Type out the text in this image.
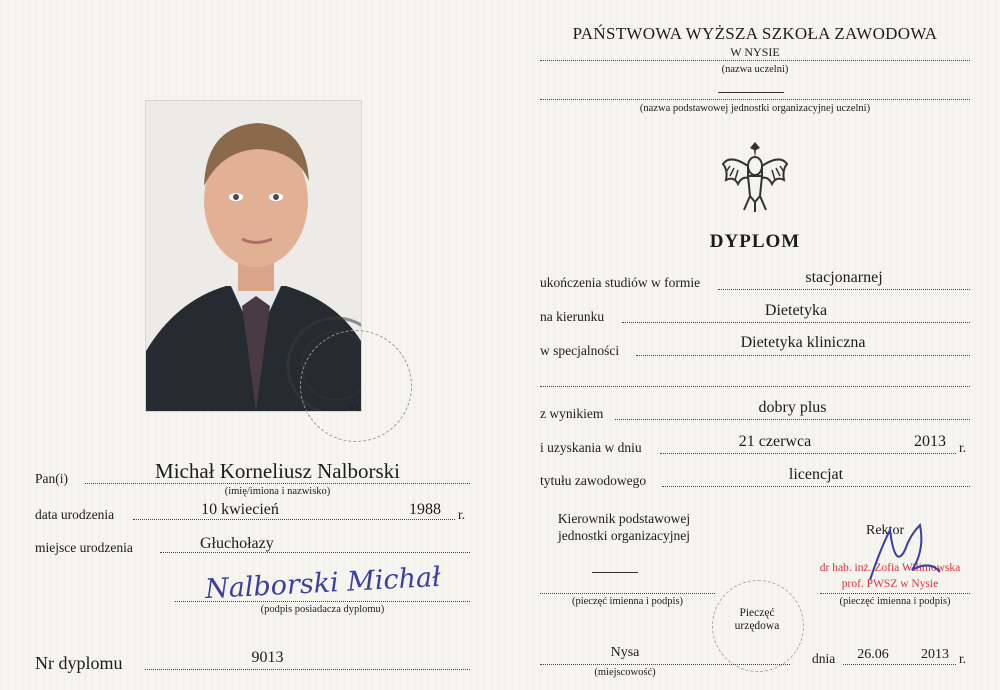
wa
PAŃSTWOWA WYŻSZA SZKOŁA ZAWODOWA
W NYSIE
(nazwa uczelni)
(nazwa podstawowej jednostki organizacyjnej uczelni)
DYPLOM
ukończenia studiów w formie	stacjonarnej
na kierunku	Dietetyka
w specjalności	Dietetyka kliniczna
z wynikiem	dobry plus
i uzyskania w dniu	21 czerwca	2013 r.
tytułu zawodowego	licencjat
Pan(i)	Michał Korneliusz Nalborski
(imię/imiona i nazwisko)
data urodzenia	10 kwiecień	1988	r.
miejsce urodzenia	Głuchołazy
Nalborski Michał
(podpis posiadacza dyplomu)
Nr dyplomu	9013
Kierownik podstawowej jednostki organizacyjnej
(pieczęć imienna i podpis)
Pieczęć urzędowa
Rektor
dr hab. inż. Zofia Wilimowska
prof. PWSZ w Nysie
(pieczęć imienna i podpis)
Nysa
(miejscowość)
dnia	26.06	2013 r.
